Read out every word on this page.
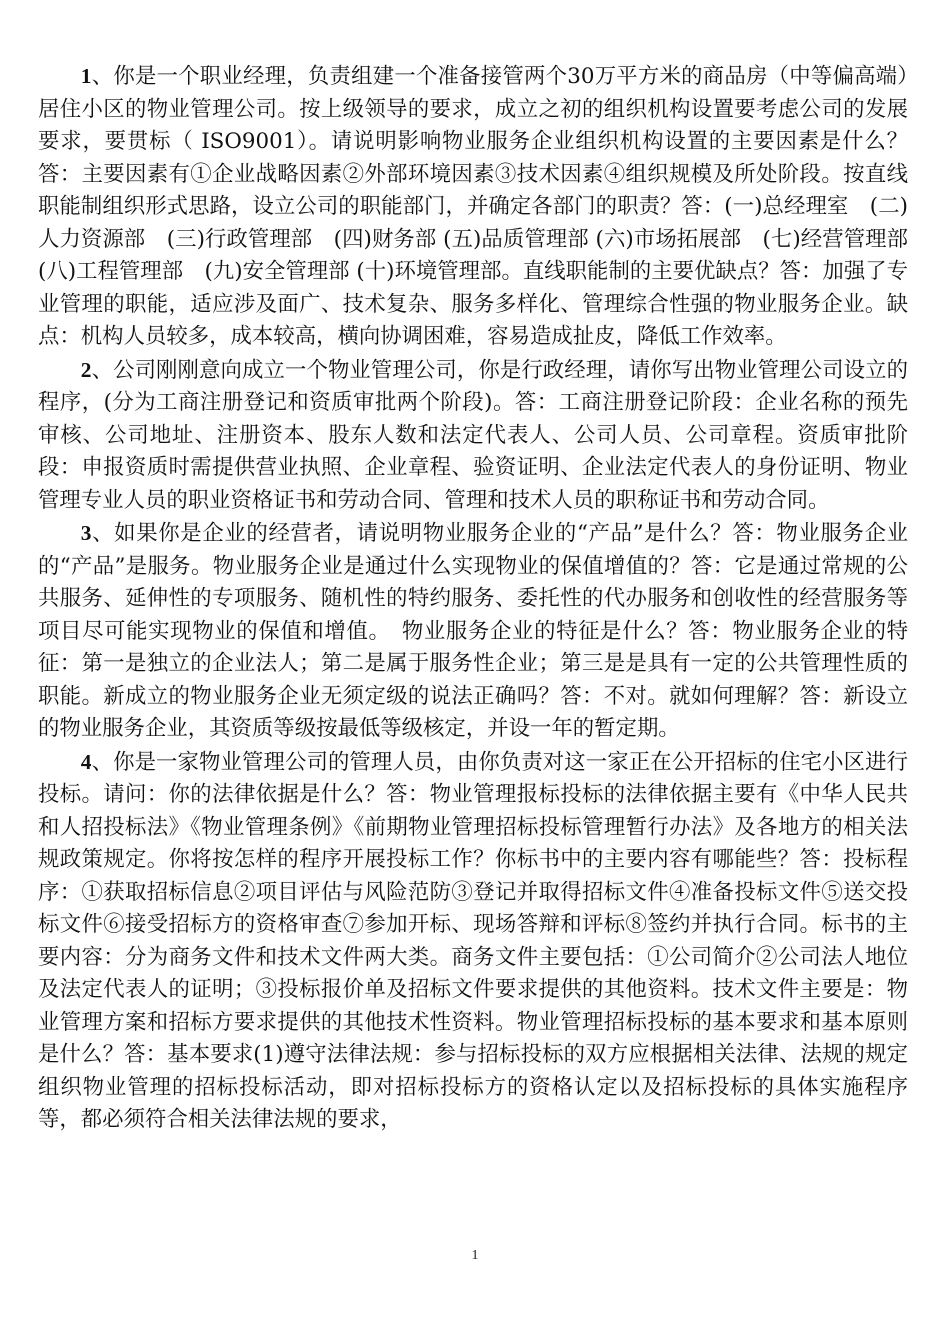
1、你是一个职业经理，负责组建一个准备接管两个30万平方米的商品房（中等偏高端）居住小区的物业管理公司。按上级领导的要求，成立之初的组织机构设置要考虑公司的发展要求，要贯标（ ISO9001）。请说明影响物业服务企业组织机构设置的主要因素是什么？答：主要因素有①企业战略因素②外部环境因素③技术因素④组织规模及所处阶段。按直线职能制组织形式思路，设立公司的职能部门，并确定各部门的职责？答：(一)总经理室　(二)人力资源部　(三)行政管理部　(四)财务部 (五)品质管理部 (六)市场拓展部　(七)经营管理部　 (八)工程管理部　(九)安全管理部 (十)环境管理部。直线职能制的主要优缺点？答：加强了专业管理的职能，适应涉及面广、技术复杂、服务多样化、管理综合性强的物业服务企业。缺点：机构人员较多，成本较高，横向协调困难，容易造成扯皮，降低工作效率。

2、公司刚刚意向成立一个物业管理公司，你是行政经理，请你写出物业管理公司设立的程序，(分为工商注册登记和资质审批两个阶段)。答：工商注册登记阶段：企业名称的预先审核、公司地址、注册资本、股东人数和法定代表人、公司人员、公司章程。资质审批阶段：申报资质时需提供营业执照、企业章程、验资证明、企业法定代表人的身份证明、物业管理专业人员的职业资格证书和劳动合同、管理和技术人员的职称证书和劳动合同。

3、如果你是企业的经营者，请说明物业服务企业的“产品”是什么？答：物业服务企业的“产品”是服务。物业服务企业是通过什么实现物业的保值增值的？答：它是通过常规的公共服务、延伸性的专项服务、随机性的特约服务、委托性的代办服务和创收性的经营服务等项目尽可能实现物业的保值和增值。　物业服务企业的特征是什么？答：物业服务企业的特征：第一是独立的企业法人；第二是属于服务性企业；第三是是具有一定的公共管理性质的职能。新成立的物业服务企业无须定级的说法正确吗？答：不对。就如何理解？答：新设立的物业服务企业，其资质等级按最低等级核定，并设一年的暂定期。

4、你是一家物业管理公司的管理人员，由你负责对这一家正在公开招标的住宅小区进行投标。请问：你的法律依据是什么？答：物业管理报标投标的法律依据主要有《中华人民共和人招投标法》《物业管理条例》《前期物业管理招标投标管理暂行办法》及各地方的相关法规政策规定。你将按怎样的程序开展投标工作？你标书中的主要内容有哪能些？答：投标程序：①获取招标信息②项目评估与风险范防③登记并取得招标文件④准备投标文件⑤送交投标文件⑥接受招标方的资格审查⑦参加开标、现场答辩和评标⑧签约并执行合同。标书的主要内容：分为商务文件和技术文件两大类。商务文件主要包括：①公司简介②公司法人地位及法定代表人的证明；③投标报价单及招标文件要求提供的其他资料。技术文件主要是：物业管理方案和招标方要求提供的其他技术性资料。物业管理招标投标的基本要求和基本原则是什么？答：基本要求(1)遵守法律法规：参与招标投标的双方应根据相关法律、法规的规定组织物业管理的招标投标活动，即对招标投标方的资格认定以及招标投标的具体实施程序等，都必须符合相关法律法规的要求，

1
